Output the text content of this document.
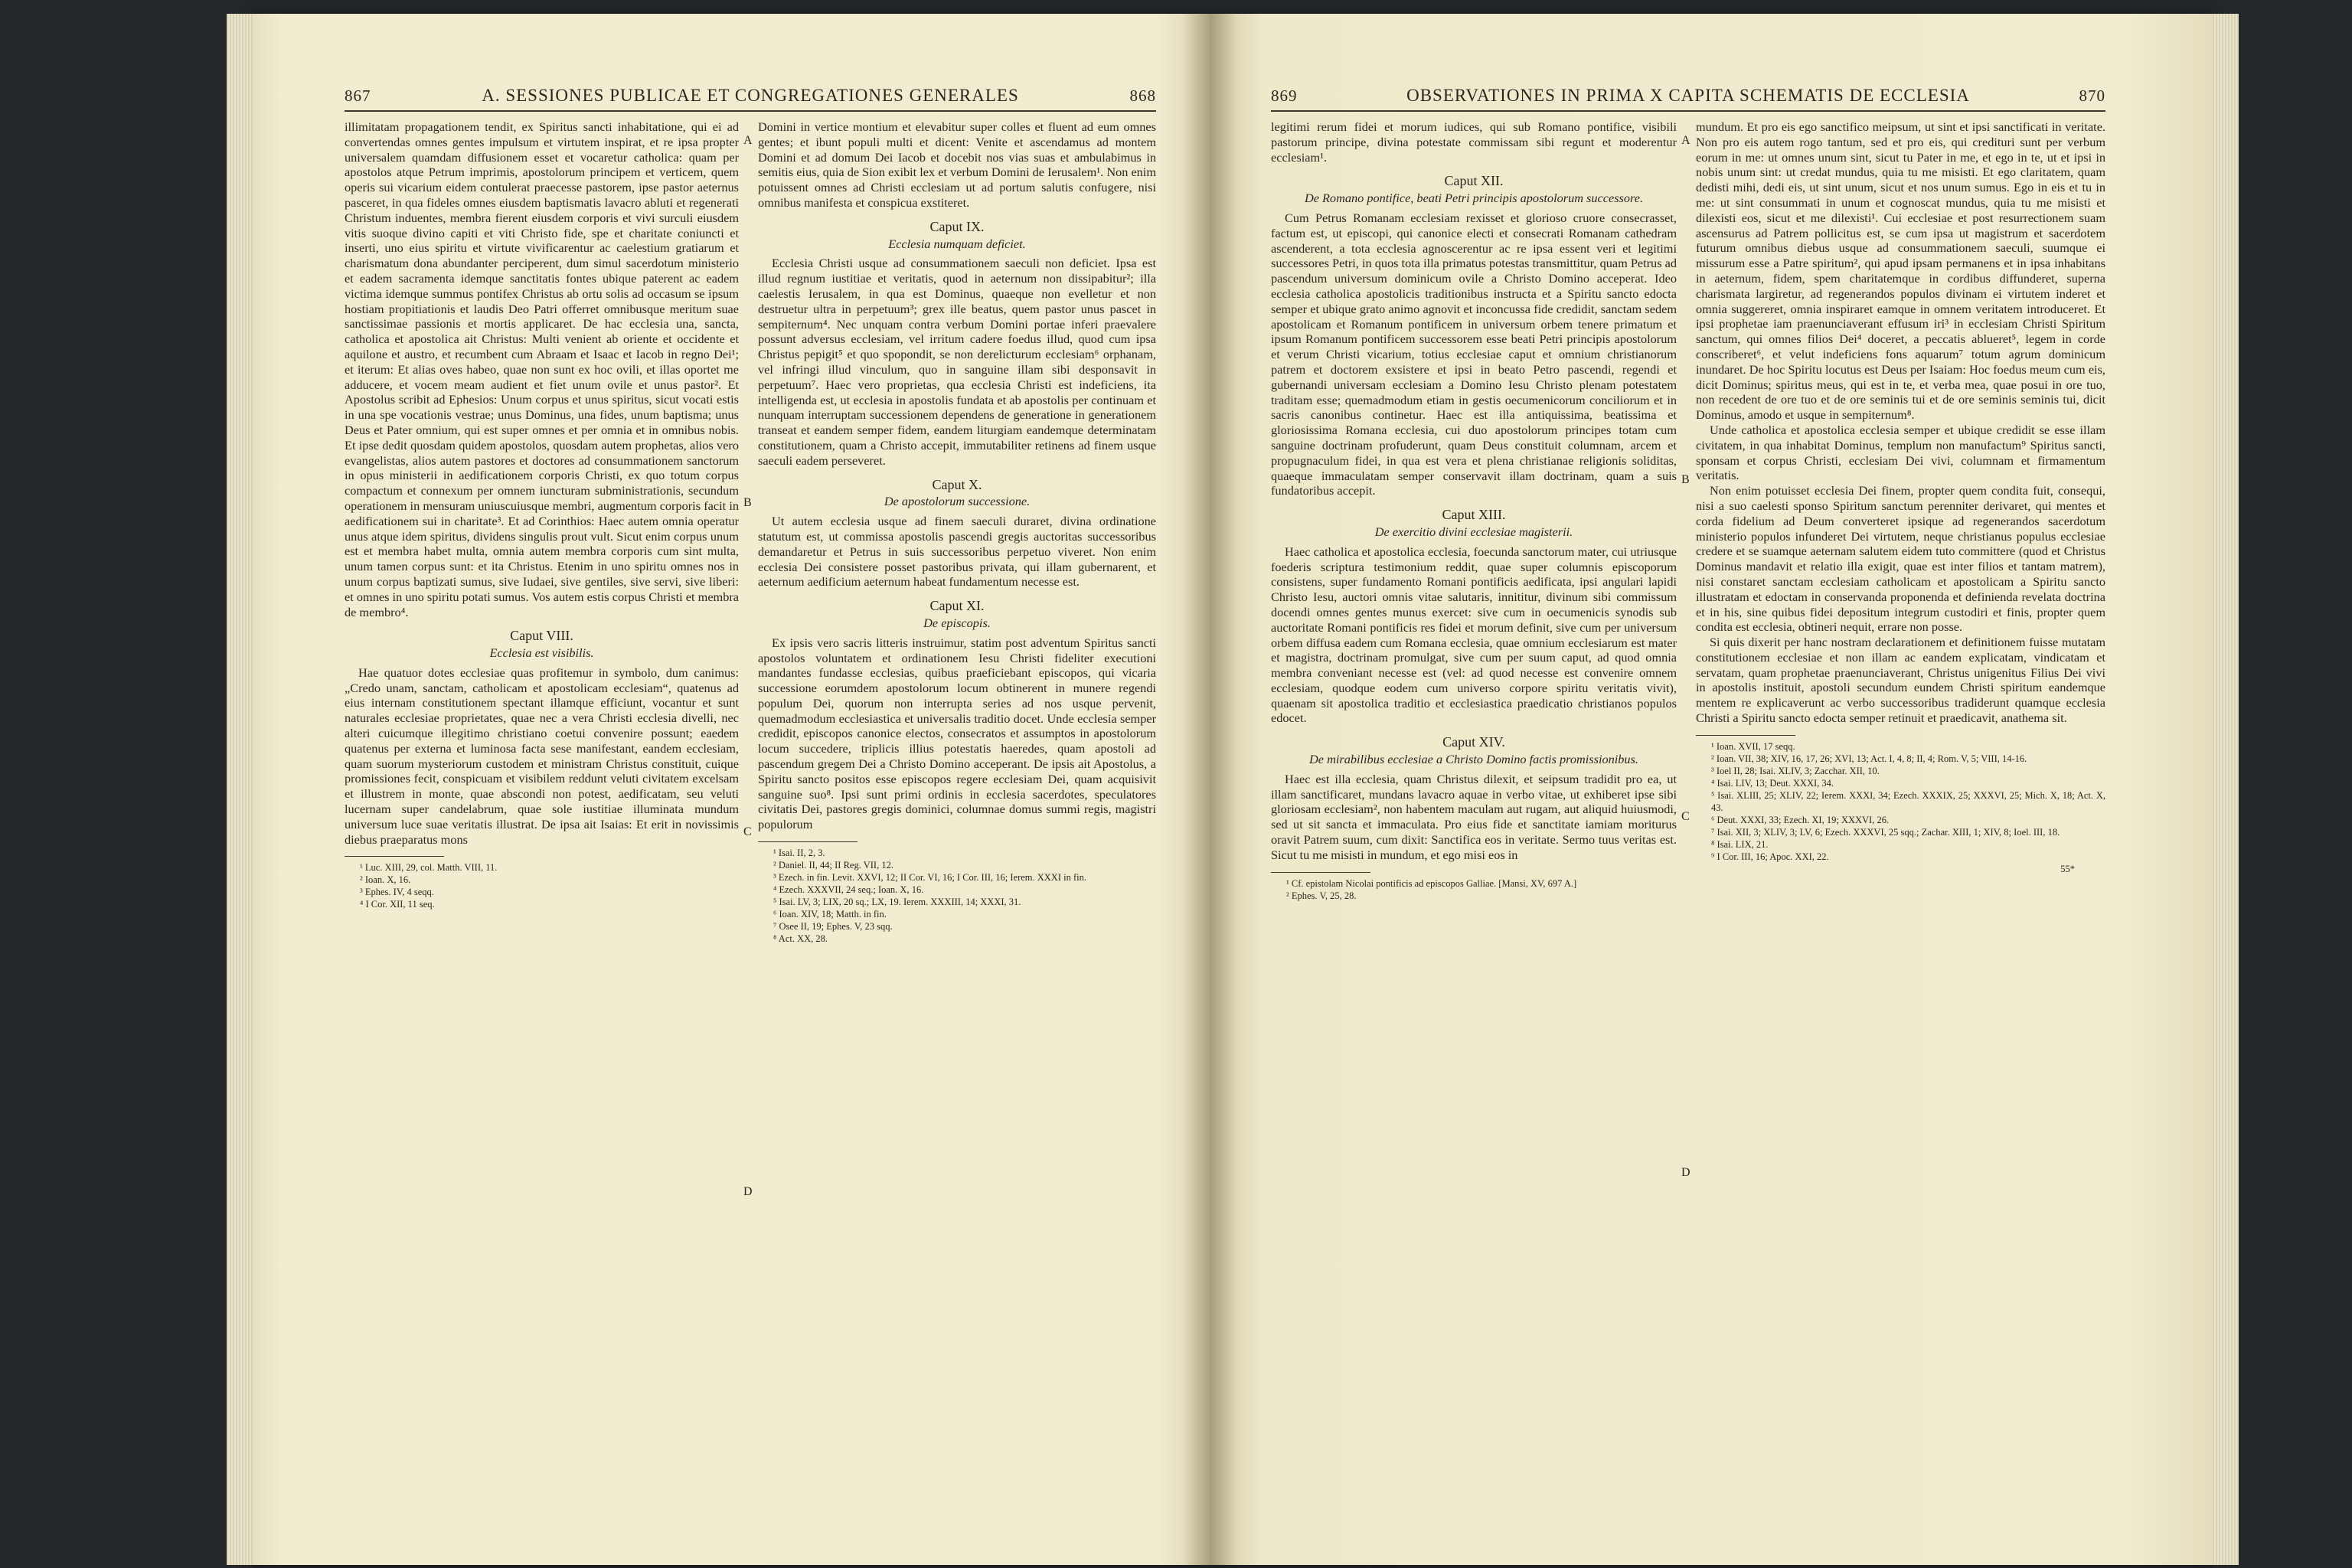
867	A. SESSIONES PUBLICAE ET CONGREGATIONES GENERALES	868

illimitatam propagationem tendit, ex Spiritus sancti inhabitatione, qui ei ad convertendas omnes gentes impulsum et virtutem inspirat, et re ipsa propter universalem quamdam diffusionem esset et vocaretur catholica: quam per apostolos atque Petrum imprimis, apostolorum principem et verticem, quem operis sui vicarium eidem contulerat praecesse pastorem, ipse pastor aeternus pasceret, in qua fideles omnes eiusdem baptismatis lavacro abluti et regenerati Christum induentes, membra fierent eiusdem corporis et vivi surculi eiusdem vitis suoque divino capiti et viti Christo fide, spe et charitate coniuncti et inserti, uno eius spiritu et virtute vivificarentur ac caelestium gratiarum et charismatum dona abundanter perciperent, dum simul sacerdotum ministerio et eadem sacramenta idemque sanctitatis fontes ubique paterent ac eadem victima idemque summus pontifex Christus ab ortu solis ad occasum se ipsum hostiam propitiationis et laudis Deo Patri offerret omnibusque meritum suae sanctissimae passionis et mortis applicaret. De hac ecclesia una, sancta, catholica et apostolica ait Christus: Multi venient ab oriente et occidente et aquilone et austro, et recumbent cum Abraam et Isaac et Iacob in regno Dei¹; et iterum: Et alias oves habeo, quae non sunt ex hoc ovili, et illas oportet me adducere, et vocem meam audient et fiet unum ovile et unus pastor². Et Apostolus scribit ad Ephesios: Unum corpus et unus spiritus, sicut vocati estis in una spe vocationis vestrae; unus Dominus, una fides, unum baptisma; unus Deus et Pater omnium, qui est super omnes et per omnia et in omnibus nobis. Et ipse dedit quosdam quidem apostolos, quosdam autem prophetas, alios vero evangelistas, alios autem pastores et doctores ad consummationem sanctorum in opus ministerii in aedificationem corporis Christi, ex quo totum corpus compactum et connexum per omnem iuncturam subministrationis, secundum operationem in mensuram uniuscuiusque membri, augmentum corporis facit in aedificationem sui in charitate³. Et ad Corinthios: Haec autem omnia operatur unus atque idem spiritus, dividens singulis prout vult. Sicut enim corpus unum est et membra habet multa, omnia autem membra corporis cum sint multa, unum tamen corpus sunt: et ita Christus. Etenim in uno spiritu omnes nos in unum corpus baptizati sumus, sive Iudaei, sive gentiles, sive servi, sive liberi: et omnes in uno spiritu potati sumus. Vos autem estis corpus Christi et membra de membro⁴.

Caput VIII.
Ecclesia est visibilis.

Hae quatuor dotes ecclesiae quas profitemur in symbolo, dum canimus: „Credo unam, sanctam, catholicam et apostolicam ecclesiam“, quatenus ad eius internam constitutionem spectant illamque efficiunt, vocantur et sunt naturales ecclesiae proprietates, quae nec a vera Christi ecclesia divelli, nec alteri cuicumque illegitimo christiano coetui convenire possunt; eaedem quatenus per externa et luminosa facta sese manifestant, eandem ecclesiam, quam suorum mysteriorum custodem et ministram Christus constituit, cuique promissiones fecit, conspicuam et visibilem reddunt veluti civitatem excelsam et illustrem in monte, quae abscondi non potest, aedificatam, seu veluti lucernam super candelabrum, quae sole iustitiae illuminata mundum universum luce suae veritatis illustrat. De ipsa ait Isaias: Et erit in novissimis diebus praeparatus mons

¹ Luc. XIII, 29, col. Matth. VIII, 11.
² Ioan. X, 16.
³ Ephes. IV, 4 seqq.
⁴ I Cor. XII, 11 seq.
A
B
C
D

Domini in vertice montium et elevabitur super colles et fluent ad eum omnes gentes; et ibunt populi multi et dicent: Venite et ascendamus ad montem Domini et ad domum Dei Iacob et docebit nos vias suas et ambulabimus in semitis eius, quia de Sion exibit lex et verbum Domini de Ierusalem¹. Non enim potuissent omnes ad Christi ecclesiam ut ad portum salutis confugere, nisi omnibus manifesta et conspicua exstiteret.

Caput IX.
Ecclesia numquam deficiet.

Ecclesia Christi usque ad consummationem saeculi non deficiet. Ipsa est illud regnum iustitiae et veritatis, quod in aeternum non dissipabitur²; illa caelestis Ierusalem, in qua est Dominus, quaeque non evelletur et non destruetur ultra in perpetuum³; grex ille beatus, quem pastor unus pascet in sempiternum⁴. Nec unquam contra verbum Domini portae inferi praevalere possunt adversus ecclesiam, vel irritum cadere foedus illud, quod cum ipsa Christus pepigit⁵ et quo spopondit, se non derelicturum ecclesiam⁶ orphanam, vel infringi illud vinculum, quo in sanguine illam sibi desponsavit in perpetuum⁷. Haec vero proprietas, qua ecclesia Christi est indeficiens, ita intelligenda est, ut ecclesia in apostolis fundata et ab apostolis per continuam et nunquam interruptam successionem dependens de generatione in generationem transeat et eandem semper fidem, eandem liturgiam eandemque determinatam constitutionem, quam a Christo accepit, immutabiliter retinens ad finem usque saeculi eadem perseveret.

Caput X.
De apostolorum successione.

Ut autem ecclesia usque ad finem saeculi duraret, divina ordinatione statutum est, ut commissa apostolis pascendi gregis auctoritas successoribus demandaretur et Petrus in suis successoribus perpetuo viveret. Non enim ecclesia Dei consistere posset pastoribus privata, qui illam gubernarent, et aeternum aedificium aeternum habeat fundamentum necesse est.

Caput XI.
De episcopis.

Ex ipsis vero sacris litteris instruimur, statim post adventum Spiritus sancti apostolos voluntatem et ordinationem Iesu Christi fideliter executioni mandantes fundasse ecclesias, quibus praeficiebant episcopos, qui vicaria successione eorumdem apostolorum locum obtinerent in munere regendi populum Dei, quorum non interrupta series ad nos usque pervenit, quemadmodum ecclesiastica et universalis traditio docet. Unde ecclesia semper credidit, episcopos canonice electos, consecratos et assumptos in apostolorum locum succedere, triplicis illius potestatis haeredes, quam apostoli ad pascendum gregem Dei a Christo Domino acceperant. De ipsis ait Apostolus, a Spiritu sancto positos esse episcopos regere ecclesiam Dei, quam acquisivit sanguine suo⁸. Ipsi sunt primi ordinis in ecclesia sacerdotes, speculatores civitatis Dei, pastores gregis dominici, columnae domus summi regis, magistri populorum

¹ Isai. II, 2, 3.
² Daniel. II, 44; II Reg. VII, 12.
³ Ezech. in fin. Levit. XXVI, 12; II Cor. VI, 16; I Cor. III, 16; Ierem. XXXI in fin.
⁴ Ezech. XXXVII, 24 seq.; Ioan. X, 16.
⁵ Isai. LV, 3; LIX, 20 sq.; LX, 19. Ierem. XXXIII, 14; XXXI, 31.
⁶ Ioan. XIV, 18; Matth. in fin.
⁷ Osee II, 19; Ephes. V, 23 sqq.
⁸ Act. XX, 28.
869	OBSERVATIONES IN PRIMA X CAPITA SCHEMATIS DE ECCLESIA	870

legitimi rerum fidei et morum iudices, qui sub Romano pontifice, visibili pastorum principe, divina potestate commissam sibi regunt et moderentur ecclesiam¹.

Caput XII.
De Romano pontifice, beati Petri principis apostolorum successore.

Cum Petrus Romanam ecclesiam rexisset et glorioso cruore consecrasset, factum est, ut episcopi, qui canonice electi et consecrati Romanam cathedram ascenderent, a tota ecclesia agnoscerentur ac re ipsa essent veri et legitimi successores Petri, in quos tota illa primatus potestas transmittitur, quam Petrus ad pascendum universum dominicum ovile a Christo Domino acceperat. Ideo ecclesia catholica apostolicis traditionibus instructa et a Spiritu sancto edocta semper et ubique grato animo agnovit et inconcussa fide credidit, sanctam sedem apostolicam et Romanum pontificem in universum orbem tenere primatum et ipsum Romanum pontificem successorem esse beati Petri principis apostolorum et verum Christi vicarium, totius ecclesiae caput et omnium christianorum patrem et doctorem exsistere et ipsi in beato Petro pascendi, regendi et gubernandi universam ecclesiam a Domino Iesu Christo plenam potestatem traditam esse; quemadmodum etiam in gestis oecumenicorum conciliorum et in sacris canonibus continetur. Haec est illa antiquissima, beatissima et gloriosissima Romana ecclesia, cui duo apostolorum principes totam cum sanguine doctrinam profuderunt, quam Deus constituit columnam, arcem et propugnaculum fidei, in qua est vera et plena christianae religionis soliditas, quaeque immaculatam semper conservavit illam doctrinam, quam a suis fundatoribus accepit.

Caput XIII.
De exercitio divini ecclesiae magisterii.

Haec catholica et apostolica ecclesia, foecunda sanctorum mater, cui utriusque foederis scriptura testimonium reddit, quae super columnis episcoporum consistens, super fundamento Romani pontificis aedificata, ipsi angulari lapidi Christo Iesu, auctori omnis vitae salutaris, innititur, divinum sibi commissum docendi omnes gentes munus exercet: sive cum in oecumenicis synodis sub auctoritate Romani pontificis res fidei et morum definit, sive cum per universum orbem diffusa eadem cum Romana ecclesia, quae omnium ecclesiarum est mater et magistra, doctrinam promulgat, sive cum per suum caput, ad quod omnia membra conveniant necesse est (vel: ad quod necesse est convenire omnem ecclesiam, quodque eodem cum universo corpore spiritu veritatis vivit), quaenam sit apostolica traditio et ecclesiastica praedicatio christianos populos edocet.

Caput XIV.
De mirabilibus ecclesiae a Christo Domino factis promissionibus.

Haec est illa ecclesia, quam Christus dilexit, et seipsum tradidit pro ea, ut illam sanctificaret, mundans lavacro aquae in verbo vitae, ut exhiberet ipse sibi gloriosam ecclesiam², non habentem maculam aut rugam, aut aliquid huiusmodi, sed ut sit sancta et immaculata. Pro eius fide et sanctitate iamiam moriturus oravit Patrem suum, cum dixit: Sanctifica eos in veritate. Sermo tuus veritas est. Sicut tu me misisti in mundum, et ego misi eos in

¹ Cf. epistolam Nicolai pontificis ad episcopos Galliae. [Mansi, XV, 697 A.]
² Ephes. V, 25, 28.
A
B
C
D

mundum. Et pro eis ego sanctifico meipsum, ut sint et ipsi sanctificati in veritate. Non pro eis autem rogo tantum, sed et pro eis, qui credituri sunt per verbum eorum in me: ut omnes unum sint, sicut tu Pater in me, et ego in te, ut et ipsi in nobis unum sint: ut credat mundus, quia tu me misisti. Et ego claritatem, quam dedisti mihi, dedi eis, ut sint unum, sicut et nos unum sumus. Ego in eis et tu in me: ut sint consummati in unum et cognoscat mundus, quia tu me misisti et dilexisti eos, sicut et me dilexisti¹. Cui ecclesiae et post resurrectionem suam ascensurus ad Patrem pollicitus est, se cum ipsa ut magistrum et sacerdotem futurum omnibus diebus usque ad consummationem saeculi, suumque ei missurum esse a Patre spiritum², qui apud ipsam permanens et in ipsa inhabitans in aeternum, fidem, spem charitatemque in cordibus diffunderet, superna charismata largiretur, ad regenerandos populos divinam ei virtutem inderet et omnia suggereret, omnia inspiraret eamque in omnem veritatem introduceret. Et ipsi prophetae iam praenunciaverant effusum iri³ in ecclesiam Christi Spiritum sanctum, qui omnes filios Dei⁴ doceret, a peccatis ablueret⁵, legem in corde conscriberet⁶, et velut indeficiens fons aquarum⁷ totum agrum dominicum inundaret. De hoc Spiritu locutus est Deus per Isaiam: Hoc foedus meum cum eis, dicit Dominus; spiritus meus, qui est in te, et verba mea, quae posui in ore tuo, non recedent de ore tuo et de ore seminis tui et de ore seminis seminis tui, dicit Dominus, amodo et usque in sempiternum⁸.

Unde catholica et apostolica ecclesia semper et ubique credidit se esse illam civitatem, in qua inhabitat Dominus, templum non manufactum⁹ Spiritus sancti, sponsam et corpus Christi, ecclesiam Dei vivi, columnam et firmamentum veritatis.

Non enim potuisset ecclesia Dei finem, propter quem condita fuit, consequi, nisi a suo caelesti sponso Spiritum sanctum perenniter derivaret, qui mentes et corda fidelium ad Deum converteret ipsique ad regenerandos sacerdotum ministerio populos infunderet Dei virtutem, neque christianus populus ecclesiae credere et se suamque aeternam salutem eidem tuto committere (quod et Christus Dominus mandavit et relatio illa exigit, quae est inter filios et tantam matrem), nisi constaret sanctam ecclesiam catholicam et apostolicam a Spiritu sancto illustratam et edoctam in conservanda proponenda et definienda revelata doctrina et in his, sine quibus fidei depositum integrum custodiri et finis, propter quem condita est ecclesia, obtineri nequit, errare non posse.

Si quis dixerit per hanc nostram declarationem et definitionem fuisse mutatam constitutionem ecclesiae et non illam ac eandem explicatam, vindicatam et servatam, quam prophetae praenunciaverant, Christus unigenitus Filius Dei vivi in apostolis instituit, apostoli secundum eundem Christi spiritum eandemque mentem re explicaverunt ac verbo successoribus tradiderunt quamque ecclesia Christi a Spiritu sancto edocta semper retinuit et praedicavit, anathema sit.

¹ Ioan. XVII, 17 seqq.
² Ioan. VII, 38; XIV, 16, 17, 26; XVI, 13; Act. I, 4, 8; II, 4; Rom. V, 5; VIII, 14-16.
³ Ioel II, 28; Isai. XLIV, 3; Zacchar. XII, 10.
⁴ Isai. LIV, 13; Deut. XXXI, 34.
⁵ Isai. XLIII, 25; XLIV, 22; Ierem. XXXI, 34; Ezech. XXXIX, 25; XXXVI, 25; Mich. X, 18; Act. X, 43.
⁶ Deut. XXXI, 33; Ezech. XI, 19; XXXVI, 26.
⁷ Isai. XII, 3; XLIV, 3; LV, 6; Ezech. XXXVI, 25 sqq.; Zachar. XIII, 1; XIV, 8; Ioel. III, 18.
⁸ Isai. LIX, 21.
⁹ I Cor. III, 16; Apoc. XXI, 22.
55*
